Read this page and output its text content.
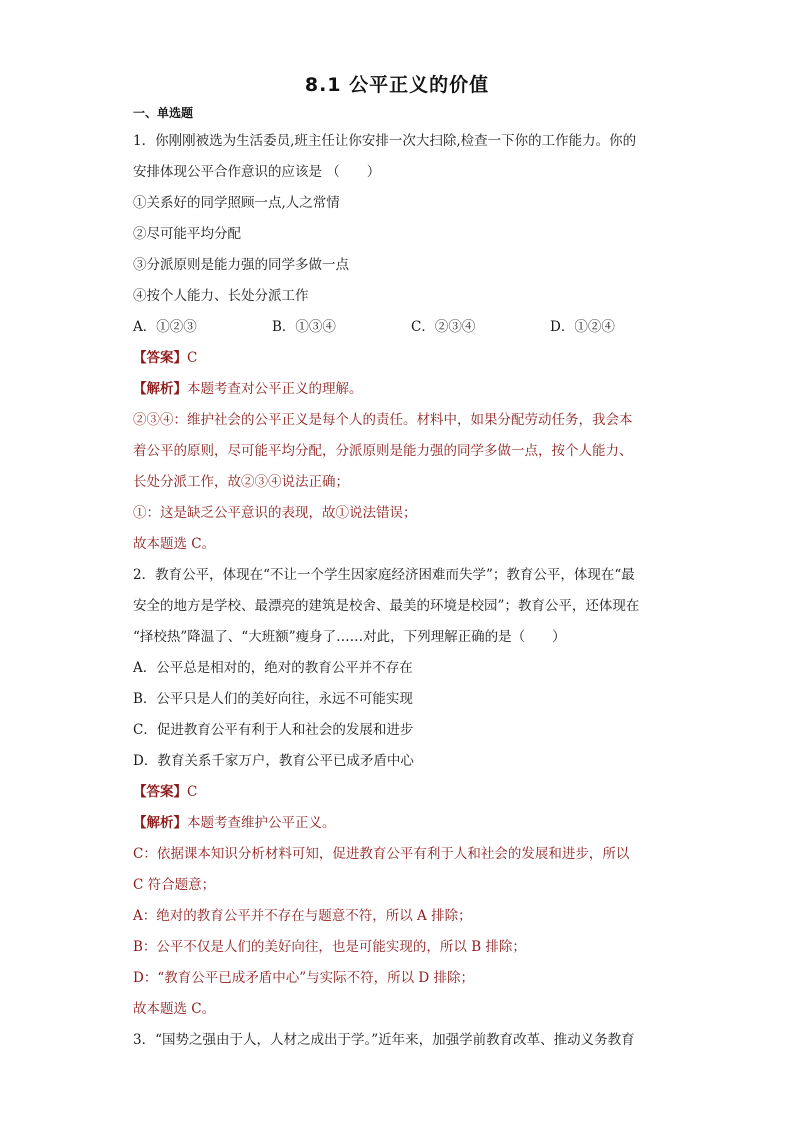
8.1 公平正义的价值
一、单选题
1．你刚刚被选为生活委员,班主任让你安排一次大扫除,检查一下你的工作能力。你的
安排体现公平合作意识的应该是 （　　）
①关系好的同学照顾一点,人之常情
②尽可能平均分配
③分派原则是能力强的同学多做一点
④按个人能力、长处分派工作
A．①②③	B．①③④	C．②③④	D．①②④
【答案】C
【解析】本题考查对公平正义的理解。
②③④：维护社会的公平正义是每个人的责任。材料中，如果分配劳动任务，我会本
着公平的原则，尽可能平均分配，分派原则是能力强的同学多做一点，按个人能力、
长处分派工作，故②③④说法正确；
①：这是缺乏公平意识的表现，故①说法错误；
故本题选 C。
2．教育公平，体现在“不让一个学生因家庭经济困难而失学”；教育公平，体现在“最
安全的地方是学校、最漂亮的建筑是校舍、最美的环境是校园”；教育公平，还体现在
“择校热”降温了、“大班额”瘦身了……对此，下列理解正确的是（　　）
A．公平总是相对的，绝对的教育公平并不存在
B．公平只是人们的美好向往，永远不可能实现
C．促进教育公平有利于人和社会的发展和进步
D．教育关系千家万户，教育公平已成矛盾中心
【答案】C
【解析】本题考查维护公平正义。
C：依据课本知识分析材料可知，促进教育公平有利于人和社会的发展和进步，所以
C 符合题意；
A：绝对的教育公平并不存在与题意不符，所以 A 排除；
B：公平不仅是人们的美好向往，也是可能实现的，所以 B 排除；
D：“教育公平已成矛盾中心”与实际不符，所以 D 排除；
故本题选 C。
3．“国势之强由于人，人材之成出于学。”近年来，加强学前教育改革、推动义务教育
